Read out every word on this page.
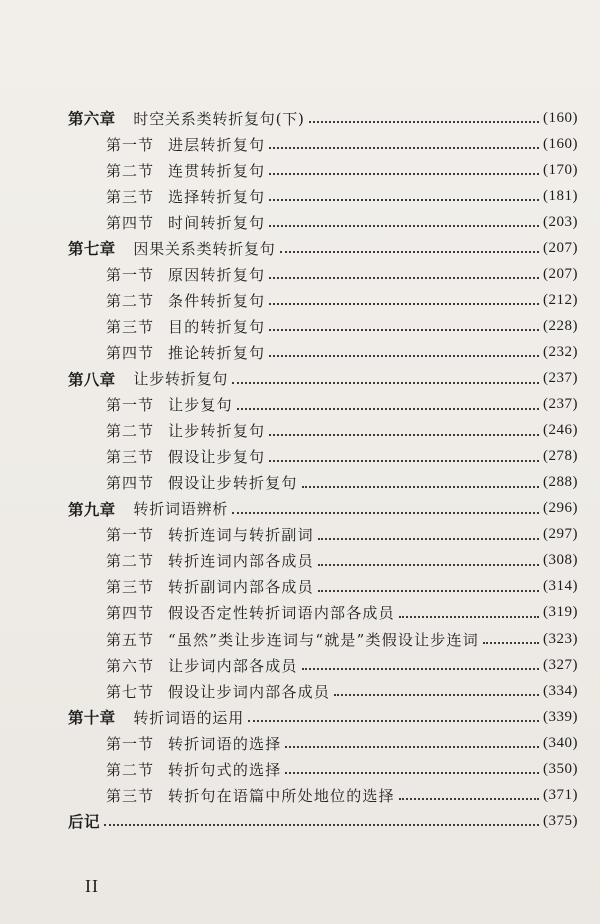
第六章 时空关系类转折复句(下)	(160)
第一节 进层转折复句	(160)
第二节 连贯转折复句	(170)
第三节 选择转折复句	(181)
第四节 时间转折复句	(203)
第七章 因果关系类转折复句	(207)
第一节 原因转折复句	(207)
第二节 条件转折复句	(212)
第三节 目的转折复句	(228)
第四节 推论转折复句	(232)
第八章 让步转折复句	(237)
第一节 让步复句	(237)
第二节 让步转折复句	(246)
第三节 假设让步复句	(278)
第四节 假设让步转折复句	(288)
第九章 转折词语辨析	(296)
第一节 转折连词与转折副词	(297)
第二节 转折连词内部各成员	(308)
第三节 转折副词内部各成员	(314)
第四节 假设否定性转折词语内部各成员	(319)
第五节 “虽然”类让步连词与“就是”类假设让步连词	(323)
第六节 让步词内部各成员	(327)
第七节 假设让步词内部各成员	(334)
第十章 转折词语的运用	(339)
第一节 转折词语的选择	(340)
第二节 转折句式的选择	(350)
第三节 转折句在语篇中所处地位的选择	(371)
后记	(375)
II
